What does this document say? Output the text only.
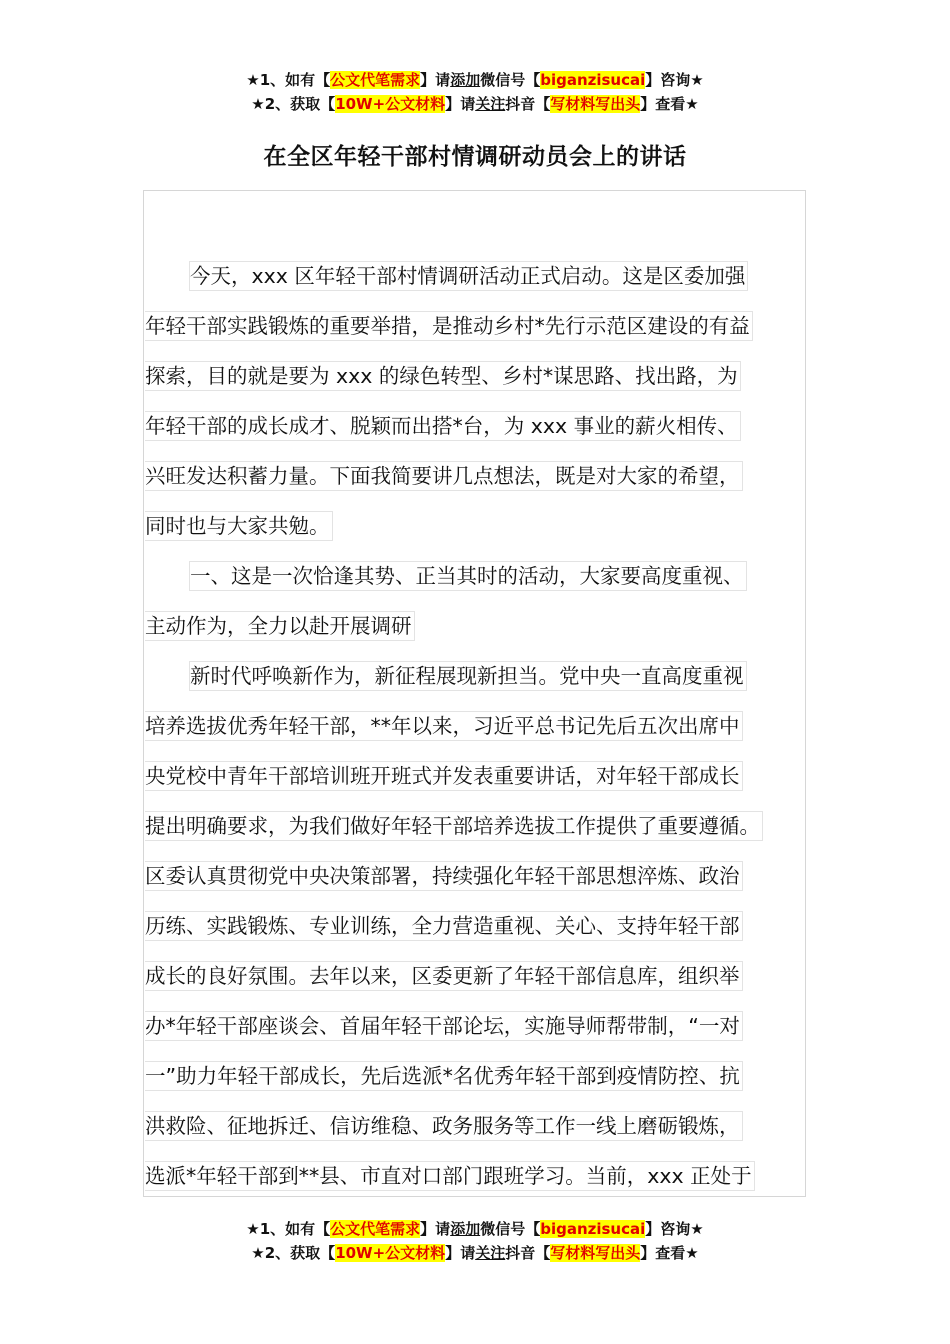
★1、如有【公文代笔需求】请添加微信号【biganzisucai】咨询★
★2、获取【10W+公文材料】请关注抖音【写材料写出头】查看★
在全区年轻干部村情调研动员会上的讲话
今天，xxx 区年轻干部村情调研活动正式启动。这是区委加强
年轻干部实践锻炼的重要举措，是推动乡村*先行示范区建设的有益
探索，目的就是要为 xxx 的绿色转型、乡村*谋思路、找出路，为
年轻干部的成长成才、脱颖而出搭*台，为 xxx 事业的薪火相传、
兴旺发达积蓄力量。下面我简要讲几点想法，既是对大家的希望，
同时也与大家共勉。
一、这是一次恰逢其势、正当其时的活动，大家要高度重视、
主动作为，全力以赴开展调研
新时代呼唤新作为，新征程展现新担当。党中央一直高度重视
培养选拔优秀年轻干部，**年以来，习近平总书记先后五次出席中
央党校中青年干部培训班开班式并发表重要讲话，对年轻干部成长
提出明确要求，为我们做好年轻干部培养选拔工作提供了重要遵循。
区委认真贯彻党中央决策部署，持续强化年轻干部思想淬炼、政治
历练、实践锻炼、专业训练，全力营造重视、关心、支持年轻干部
成长的良好氛围。去年以来，区委更新了年轻干部信息库，组织举
办*年轻干部座谈会、首届年轻干部论坛，实施导师帮带制，“一对
一”助力年轻干部成长，先后选派*名优秀年轻干部到疫情防控、抗
洪救险、征地拆迁、信访维稳、政务服务等工作一线上磨砺锻炼，
选派*年轻干部到**县、市直对口部门跟班学习。当前，xxx 正处于
★1、如有【公文代笔需求】请添加微信号【biganzisucai】咨询★
★2、获取【10W+公文材料】请关注抖音【写材料写出头】查看★
